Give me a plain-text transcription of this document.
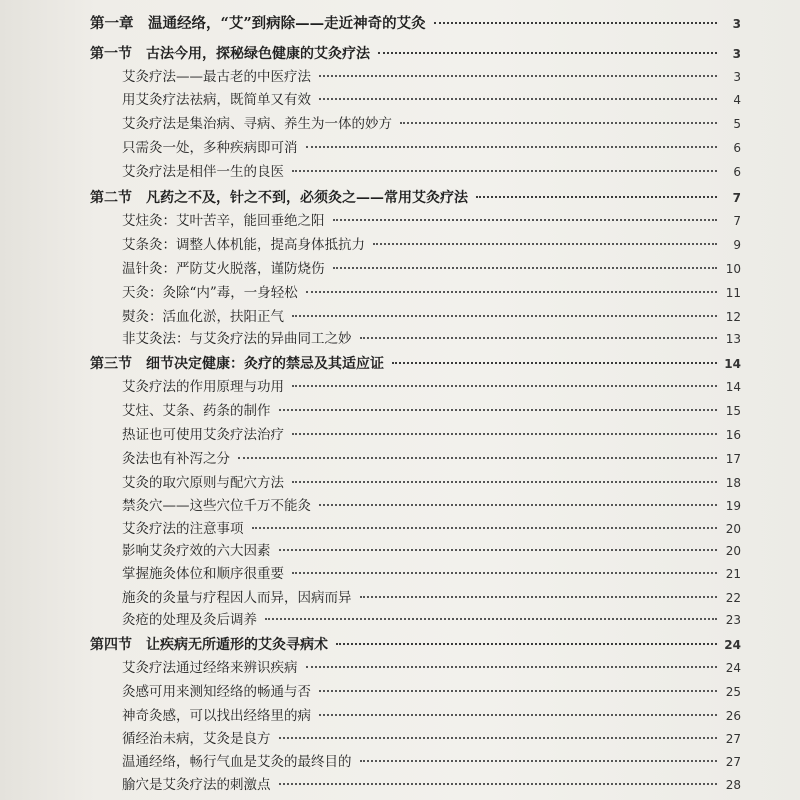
第一章　温通经络，“艾”到病除——走近神奇的艾灸	3
第一节　古法今用，探秘绿色健康的艾灸疗法	3
艾灸疗法——最古老的中医疗法	3
用艾灸疗法祛病，既简单又有效	4
艾灸疗法是集治病、寻病、养生为一体的妙方	5
只需灸一处，多种疾病即可消	6
艾灸疗法是相伴一生的良医	6
第二节　凡药之不及，针之不到，必须灸之——常用艾灸疗法	7
艾炷灸：艾叶苦辛，能回垂绝之阳	7
艾条灸：调整人体机能，提高身体抵抗力	9
温针灸：严防艾火脱落，谨防烧伤	10
天灸：灸除“内”毒，一身轻松	11
熨灸：活血化淤，扶阳正气	12
非艾灸法：与艾灸疗法的异曲同工之妙	13
第三节　细节决定健康：灸疗的禁忌及其适应证	14
艾灸疗法的作用原理与功用	14
艾炷、艾条、药条的制作	15
热证也可使用艾灸疗法治疗	16
灸法也有补泻之分	17
艾灸的取穴原则与配穴方法	18
禁灸穴——这些穴位千万不能灸	19
艾灸疗法的注意事项	20
影响艾灸疗效的六大因素	20
掌握施灸体位和顺序很重要	21
施灸的灸量与疗程因人而异，因病而异	22
灸疮的处理及灸后调养	23
第四节　让疾病无所遁形的艾灸寻病术	24
艾灸疗法通过经络来辨识疾病	24
灸感可用来测知经络的畅通与否	25
神奇灸感，可以找出经络里的病	26
循经治未病，艾灸是良方	27
温通经络，畅行气血是艾灸的最终目的	27
腧穴是艾灸疗法的刺激点	28
